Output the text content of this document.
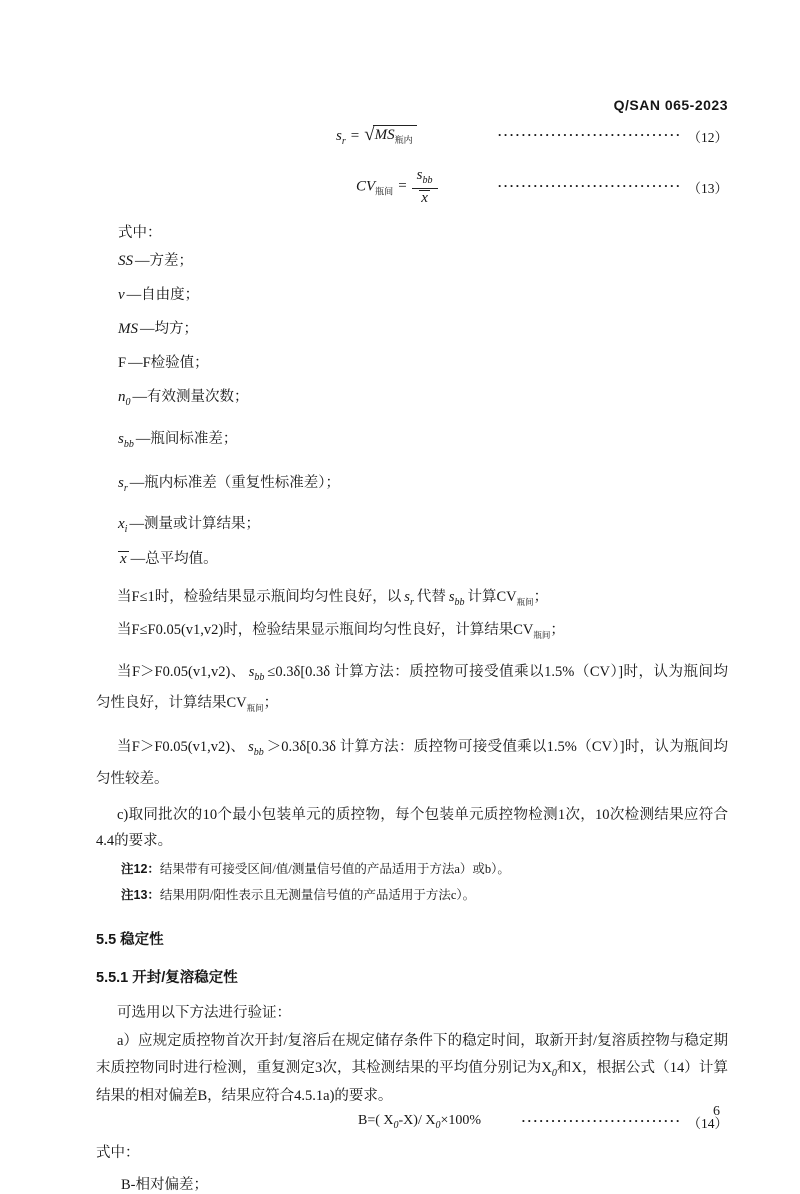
Q/SAN 065-2023
$s_r$ = √ $MS_{瓶内}$	······························· （12）
$CV_{瓶间} = \frac{s_{bb}}{x}$	······························· （13）
式中：
SS —方差；
v —自由度；
MS —均方；
F —F检验值；
$n_0$ —有效测量次数；
$s_{bb}$ —瓶间标准差；
$s_r$ —瓶内标准差（重复性标准差）；
$x_i$ —测量或计算结果；
x —总平均值。

当F≤1时，检验结果显示瓶间均匀性良好，以 $s_r$ 代替 $s_{bb}$ 计算$CV_{瓶间}$；

当F≤F0.05(v1,v2)时，检验结果显示瓶间均匀性良好，计算结果$CV_{瓶间}$；

当F＞F0.05(v1,v2)、 $s_{bb} \le 0.3\delta[0.3\delta$ 计算方法：质控物可接受值乘以1.5%（CV）]时，认为瓶间均匀性良好，计算结果$CV_{瓶间}$；

当F＞F0.05(v1,v2)、 $s_{bb} >0.3\delta[0.3\delta$ 计算方法：质控物可接受值乘以1.5%（CV）]时，认为瓶间均匀性较差。

c)取同批次的10个最小包装单元的质控物，每个包装单元质控物检测1次，10次检测结果应符合4.4的要求。

注12：结果带有可接受区间/值/测量信号值的产品适用于方法a）或b）。
注13：结果用阴/阳性表示且无测量信号值的产品适用于方法c）。
5.5 稳定性
5.5.1 开封/复溶稳定性

可选用以下方法进行验证：

a）应规定质控物首次开封/复溶后在规定储存条件下的稳定时间，取新开封/复溶质控物与稳定期末质控物同时进行检测，重复测定3次，其检测结果的平均值分别记为$X_0$和X，根据公式（14）计算结果的相对偏差B，结果应符合4.5.1a)的要求。

B=( $X_0-X)/$ $X_0\times 100\%$	··························· （14）
式中：
B-相对偏差；
6
